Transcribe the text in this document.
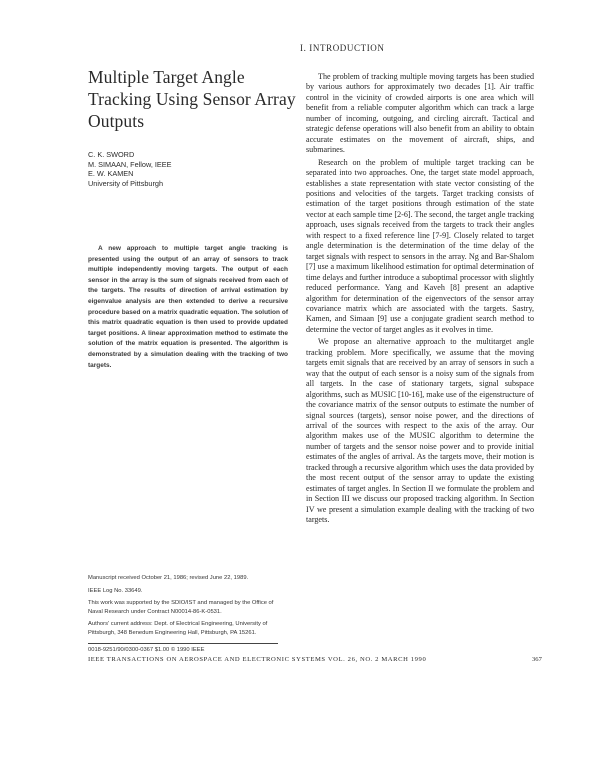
I. INTRODUCTION
Multiple Target Angle Tracking Using Sensor Array Outputs
C. K. SWORD
M. SIMAAN, Fellow, IEEE
E. W. KAMEN
University of Pittsburgh
A new approach to multiple target angle tracking is presented using the output of an array of sensors to track multiple independently moving targets. The output of each sensor in the array is the sum of signals received from each of the targets. The results of direction of arrival estimation by eigenvalue analysis are then extended to derive a recursive procedure based on a matrix quadratic equation. The solution of this matrix quadratic equation is then used to provide updated target positions. A linear approximation method to estimate the solution of the matrix equation is presented. The algorithm is demonstrated by a simulation dealing with the tracking of two targets.

The problem of tracking multiple moving targets has been studied by various authors for approximately two decades [1]. Air traffic control in the vicinity of crowded airports is one area which will benefit from a reliable computer algorithm which can track a large number of incoming, outgoing, and circling aircraft. Tactical and strategic defense operations will also benefit from an ability to obtain accurate estimates on the movement of aircraft, ships, and submarines.

Research on the problem of multiple target tracking can be separated into two approaches. One, the target state model approach, establishes a state representation with state vector consisting of the positions and velocities of the targets. Target tracking consists of estimation of the target positions through estimation of the state vector at each sample time [2-6]. The second, the target angle tracking approach, uses signals received from the targets to track their angles with respect to a fixed reference line [7-9]. Closely related to target angle determination is the determination of the time delay of the target signals with respect to sensors in the array. Ng and Bar-Shalom [7] use a maximum likelihood estimation for optimal determination of time delays and further introduce a suboptimal processor with slightly reduced performance. Yang and Kaveh [8] present an adaptive algorithm for determination of the eigenvectors of the sensor array covariance matrix which are associated with the targets. Sastry, Kamen, and Simaan [9] use a conjugate gradient search method to determine the vector of target angles as it evolves in time.

We propose an alternative approach to the multitarget angle tracking problem. More specifically, we assume that the moving targets emit signals that are received by an array of sensors in such a way that the output of each sensor is a noisy sum of the signals from all targets. In the case of stationary targets, signal subspace algorithms, such as MUSIC [10-16], make use of the eigenstructure of the covariance matrix of the sensor outputs to estimate the number of signal sources (targets), sensor noise power, and the directions of arrival of the sources with respect to the axis of the array. Our algorithm makes use of the MUSIC algorithm to determine the number of targets and the sensor noise power and to provide initial estimates of the angles of arrival. As the targets move, their motion is tracked through a recursive algorithm which uses the data provided by the most recent output of the sensor array to update the existing estimates of target angles. In Section II we formulate the problem and in Section III we discuss our proposed tracking algorithm. In Section IV we present a simulation example dealing with the tracking of two targets.

Manuscript received October 21, 1986; revised June 22, 1989.

IEEE Log No. 33649.

This work was supported by the SDIO/IST and managed by the Office of Naval Research under Contract N00014-86-K-0531.

Authors' current address: Dept. of Electrical Engineering, University of Pittsburgh, 348 Benedum Engineering Hall, Pittsburgh, PA 15261.

0018-9251/90/0300-0367 $1.00 © 1990 IEEE
IEEE TRANSACTIONS ON AEROSPACE AND ELECTRONIC SYSTEMS VOL. 26, NO. 2 MARCH 1990	367
